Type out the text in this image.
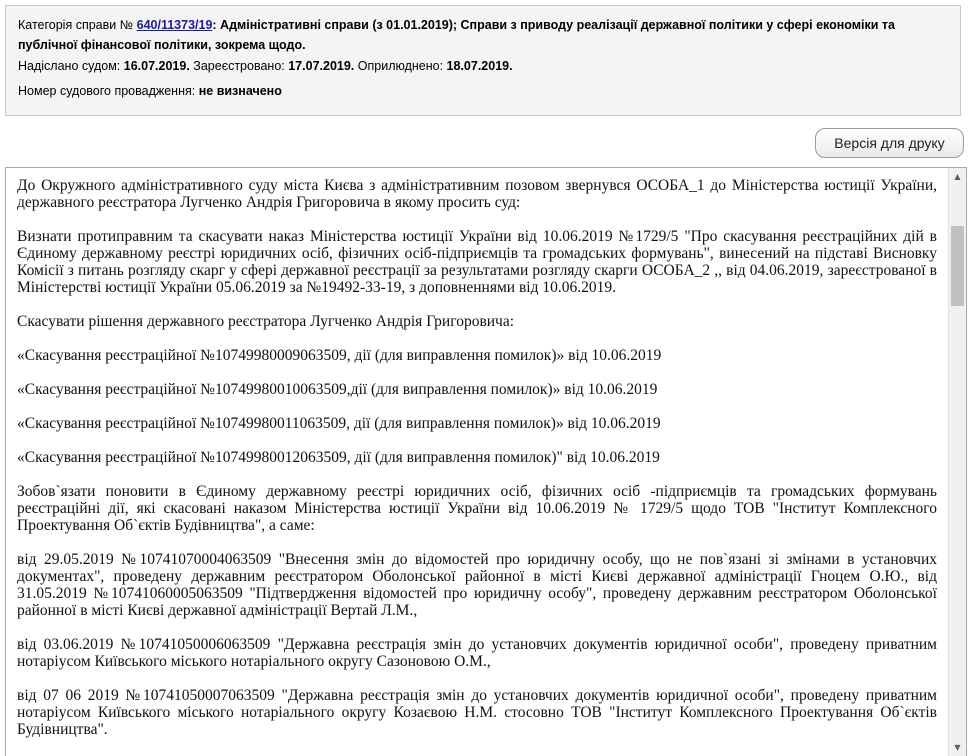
Категорія справи № 640/11373/19: Адміністративні справи (з 01.01.2019); Справи з приводу реалізації державної політики у сфері економіки та публічної фінансової політики, зокрема щодо.
Надіслано судом: 16.07.2019. Зареєстровано: 17.07.2019. Оприлюднено: 18.07.2019.
Номер судового провадження: не визначено
Версія для друку

До Окружного адміністративного суду міста Києва з адміністративним позовом звернувся ОСОБА_1 до Міністерства юстиції України, державного реєстратора Лугченко Андрія Григоровича в якому просить суд:

Визнати протиправним та скасувати наказ Міністерства юстиції України від 10.06.2019 №1729/5 "Про скасування реєстраційних дій в Єдиному державному реєстрі юридичних осіб, фізичних осіб-підприємців та громадських формувань", винесений на підставі Висновку Комісії з питань розгляду скарг у сфері державної реєстрації за результатами розгляду скарги ОСОБА_2 ,, від 04.06.2019, зареєстрованої в Міністерстві юстиції України 05.06.2019 за №19492-33-19, з доповненнями від 10.06.2019.

Скасувати рішення державного реєстратора Лугченко Андрія Григоровича:

«Скасування реєстраційної №10749980009063509, дії (для виправлення помилок)» від 10.06.2019

«Скасування реєстраційної №10749980010063509,дії (для виправлення помилок)» від 10.06.2019

«Скасування реєстраційної №10749980011063509, дії (для виправлення помилок)» від 10.06.2019

«Скасування реєстраційної №10749980012063509, дії (для виправлення помилок)" від 10.06.2019

Зобов`язати поновити в Єдиному державному реєстрі юридичних осіб, фізичних осіб -підприємців та громадських формувань реєстраційні дії, які скасовані наказом Міністерства юстиції України від 10.06.2019 № 1729/5 щодо ТОВ "Інститут Комплексного Проектування Об`єктів Будівництва", а саме:

від 29.05.2019 №10741070004063509 "Внесення змін до відомостей про юридичну особу, що не пов`язані зі змінами в установчих документах", проведену державним реєстратором Оболонської районної в місті Києві державної адміністрації Гноцем О.Ю., від 31.05.2019 №10741060005063509 "Підтвердження відомостей про юридичну особу", проведену державним реєстратором Оболонської районної в місті Києві державної адміністрації Вертай Л.М.,

від 03.06.2019 №10741050006063509 "Державна реєстрація змін до установчих документів юридичної особи", проведену приватним нотаріусом Київського міського нотаріального округу Сазоновою О.М.,

від 07 06 2019 №10741050007063509 "Державна реєстрація змін до установчих документів юридичної особи", проведену приватним нотаріусом Київського міського нотаріального округу Козаєвою Н.М. стосовно ТОВ "Інститут Комплексного Проектування Об`єктів Будівництва".

▲
▼
